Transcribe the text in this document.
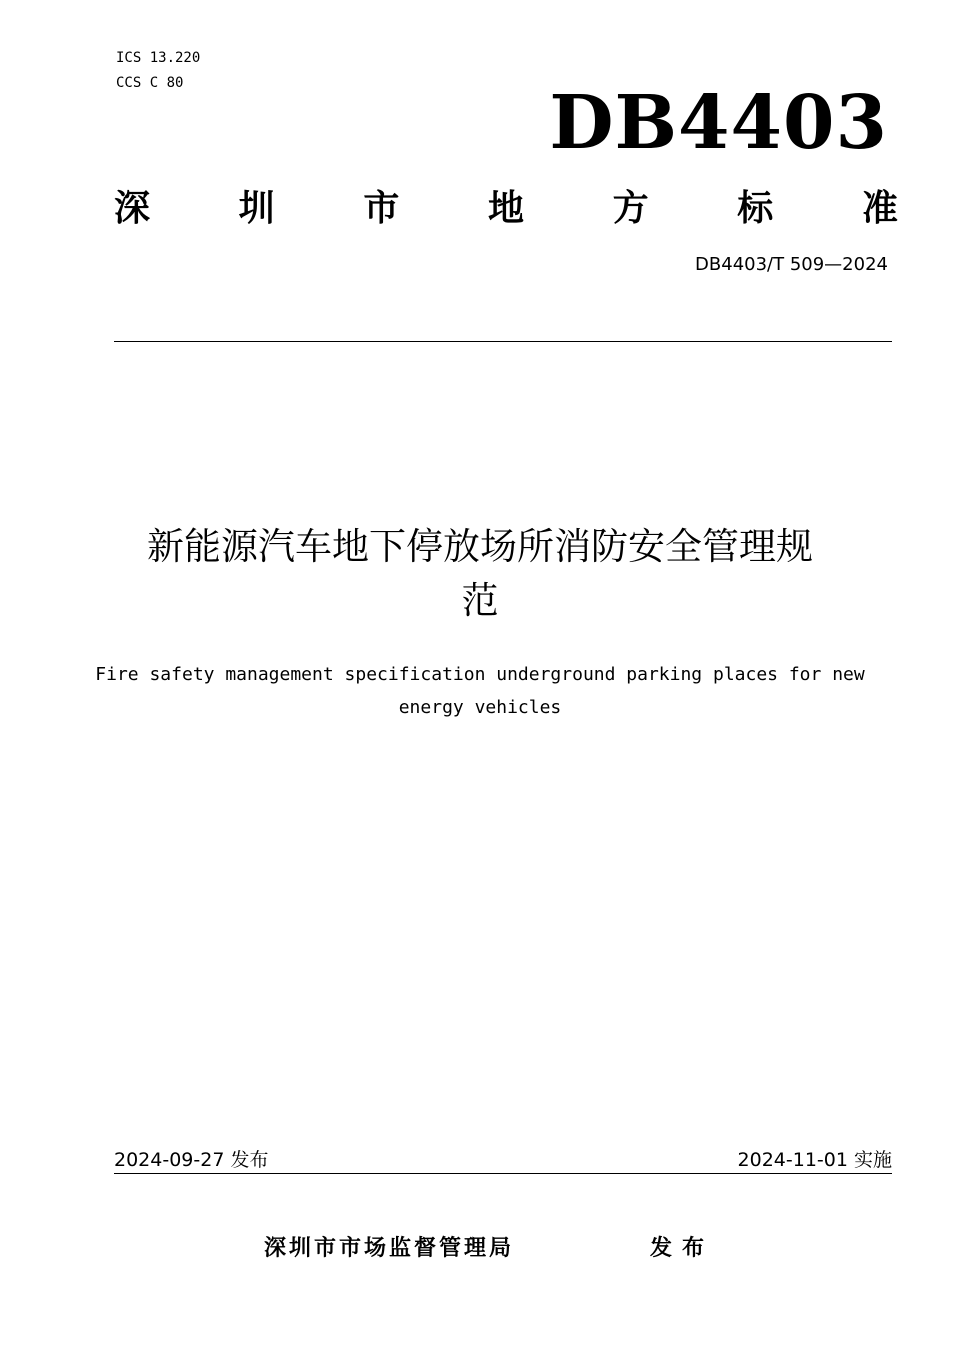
ICS 13.220
CCS C 80	DB4403
深 圳 市 地 方 标 准
DB4403/T 509—2024
新能源汽车地下停放场所消防安全管理规
范
Fire safety management specification underground parking places for new
energy vehicles
2024-09-27 发布	2024-11-01 实施
深圳市市场监督管理局	发布
